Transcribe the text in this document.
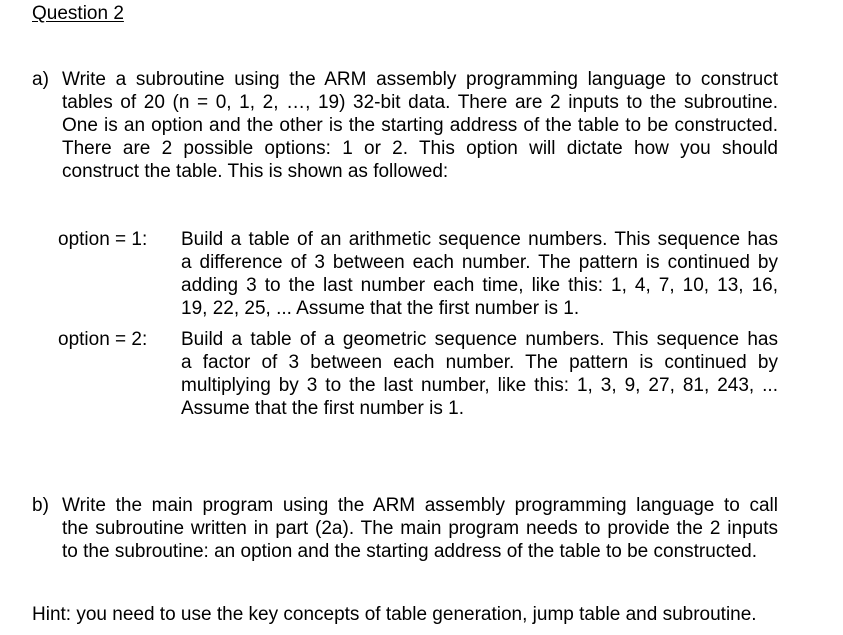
Question 2
a) Write a subroutine using the ARM assembly programming language to construct
tables of 20 (n = 0, 1, 2, …, 19) 32-bit data. There are 2 inputs to the subroutine.
One is an option and the other is the starting address of the table to be constructed.
There are 2 possible options: 1 or 2. This option will dictate how you should
construct the table. This is shown as followed:
option = 1: Build a table of an arithmetic sequence numbers. This sequence has
a difference of 3 between each number. The pattern is continued by
adding 3 to the last number each time, like this: 1, 4, 7, 10, 13, 16,
19, 22, 25, ... Assume that the first number is 1.
option = 2: Build a table of a geometric sequence numbers. This sequence has
a factor of 3 between each number. The pattern is continued by
multiplying by 3 to the last number, like this: 1, 3, 9, 27, 81, 243, ...
Assume that the first number is 1.
b) Write the main program using the ARM assembly programming language to call
the subroutine written in part (2a). The main program needs to provide the 2 inputs
to the subroutine: an option and the starting address of the table to be constructed.
Hint: you need to use the key concepts of table generation, jump table and subroutine.
